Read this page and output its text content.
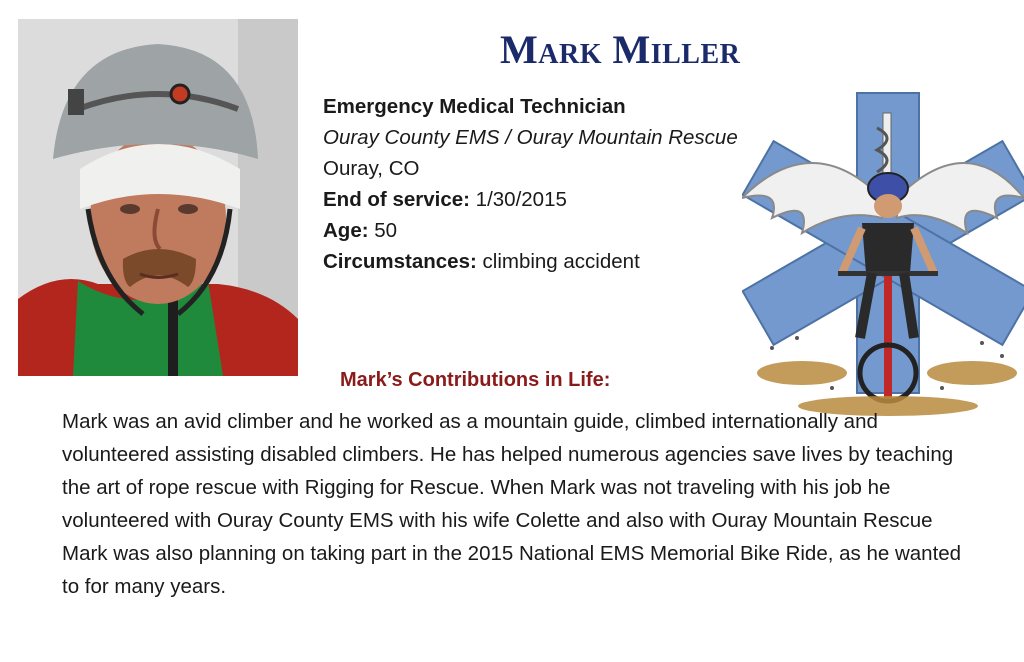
Mark Miller
Emergency Medical Technician
Ouray County EMS / Ouray Mountain Rescue
Ouray, CO
End of service: 1/30/2015
Age: 50
Circumstances: climbing accident
Mark’s Contributions in Life:
Mark was an avid climber and he worked as a mountain guide, climbed internationally and volunteered assisting disabled climbers. He has helped numerous agencies save lives by teaching the art of rope rescue with Rigging for Rescue. When Mark was not traveling with his job he volunteered with Ouray County EMS with his wife Colette and also with Ouray Mountain Rescue Mark was also planning on taking part in the 2015 National EMS Memorial Bike Ride, as he wanted to for many years.
